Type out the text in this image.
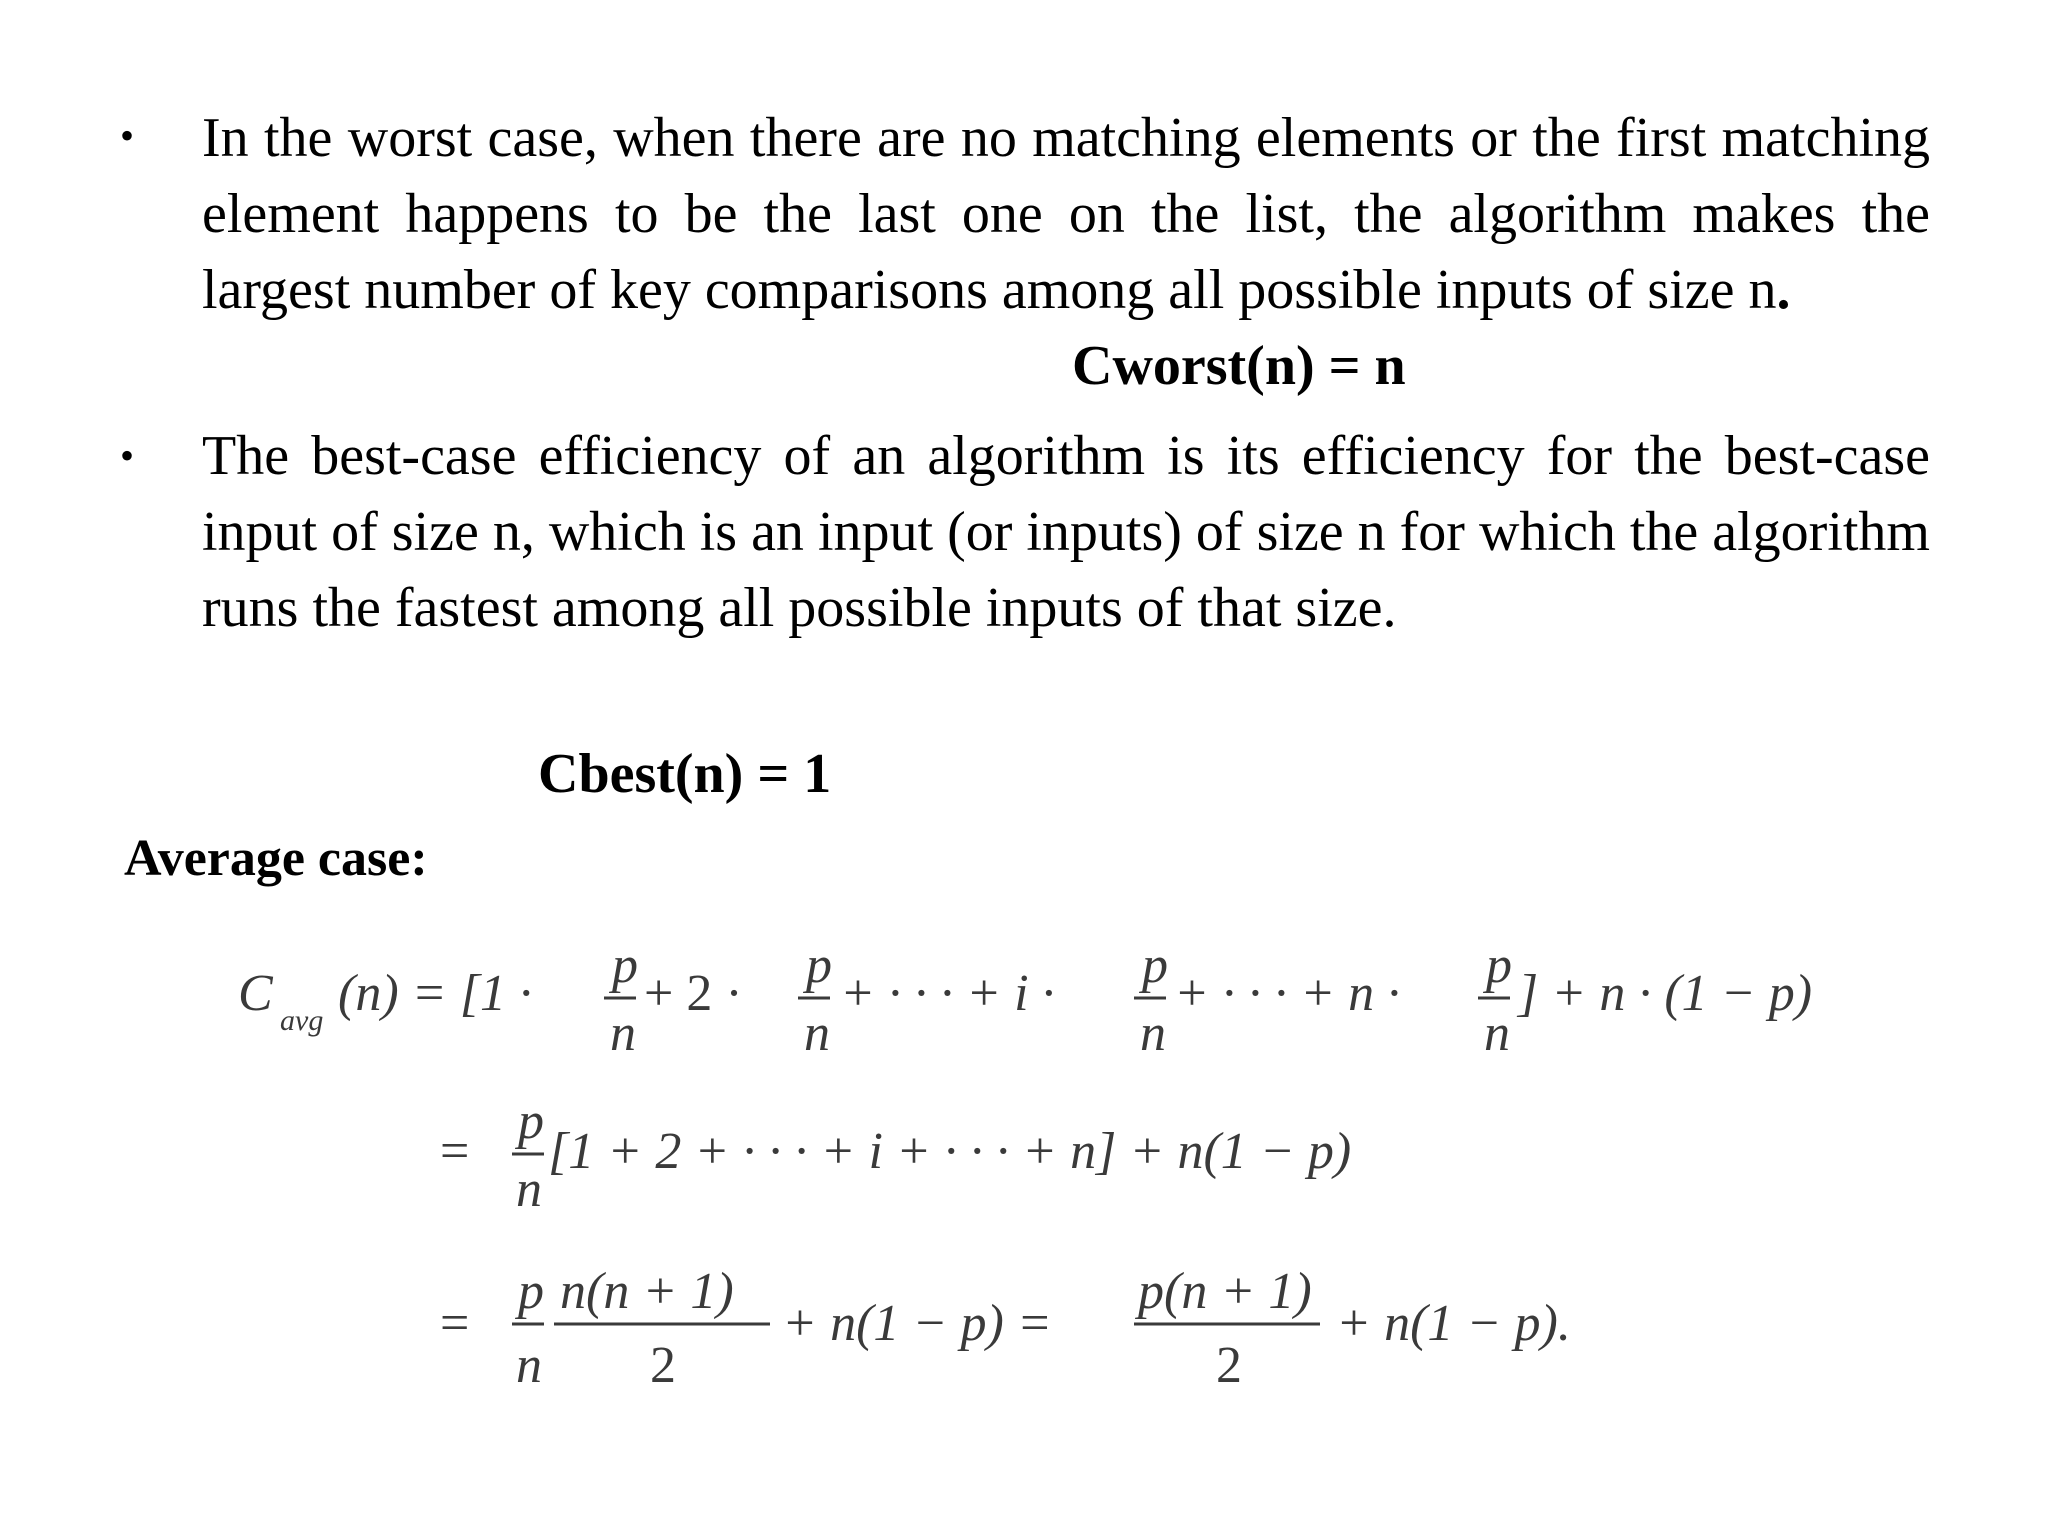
• In the worst case, when there are no matching elements or the first matching element happens to be the last one on the list, the algorithm makes the largest number of key comparisons among all possible inputs of size n.
Cworst(n) = n
• The best-case efficiency of an algorithm is its efficiency for the best-case input of size n, which is an input (or inputs) of size n for which the algorithm runs the fastest among all possible inputs of that size.
Cbest(n) = 1
Average case:
C avg (n) = [1 · p
n
+ 2 · p
n
+ · · · + i · p
n
+ · · · + n · p
n
] + n · (1 − p)
=
p
n
[1 + 2 + · · · + i + · · · + n] + n(1 − p)
=
p
n
n(n + 1)
2
+ n(1 − p) =
p(n + 1)
2
+ n(1 − p).
